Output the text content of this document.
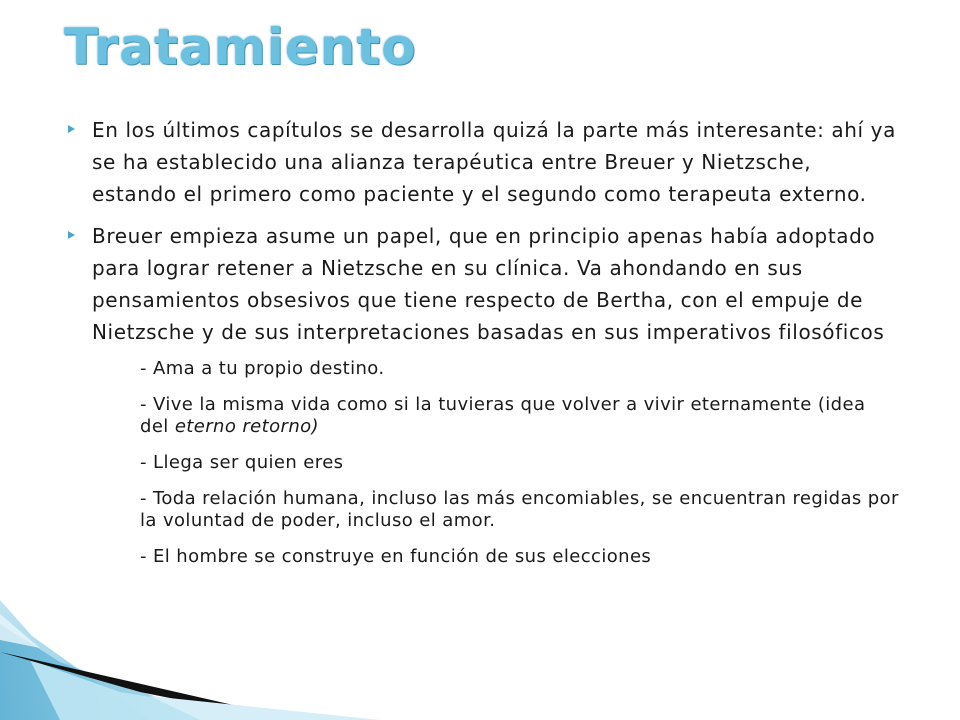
Tratamiento
En los últimos capítulos se desarrolla quizá la parte más interesante: ahí ya se ha establecido una alianza terapéutica entre Breuer y Nietzsche, estando el primero como paciente y el segundo como terapeuta externo.
Breuer empieza asume un papel, que en principio apenas había adoptado para lograr retener a Nietzsche en su clínica. Va ahondando en sus pensamientos obsesivos que tiene respecto de Bertha, con el empuje de Nietzsche y de sus interpretaciones basadas en sus imperativos filosóficos

- Ama a tu propio destino.

- Vive la misma vida como si la tuvieras que volver a vivir eternamente (idea del eterno retorno)

- Llega ser quien eres

- Toda relación humana, incluso las más encomiables, se encuentran regidas por la voluntad de poder, incluso el amor.

- El hombre se construye en función de sus elecciones
